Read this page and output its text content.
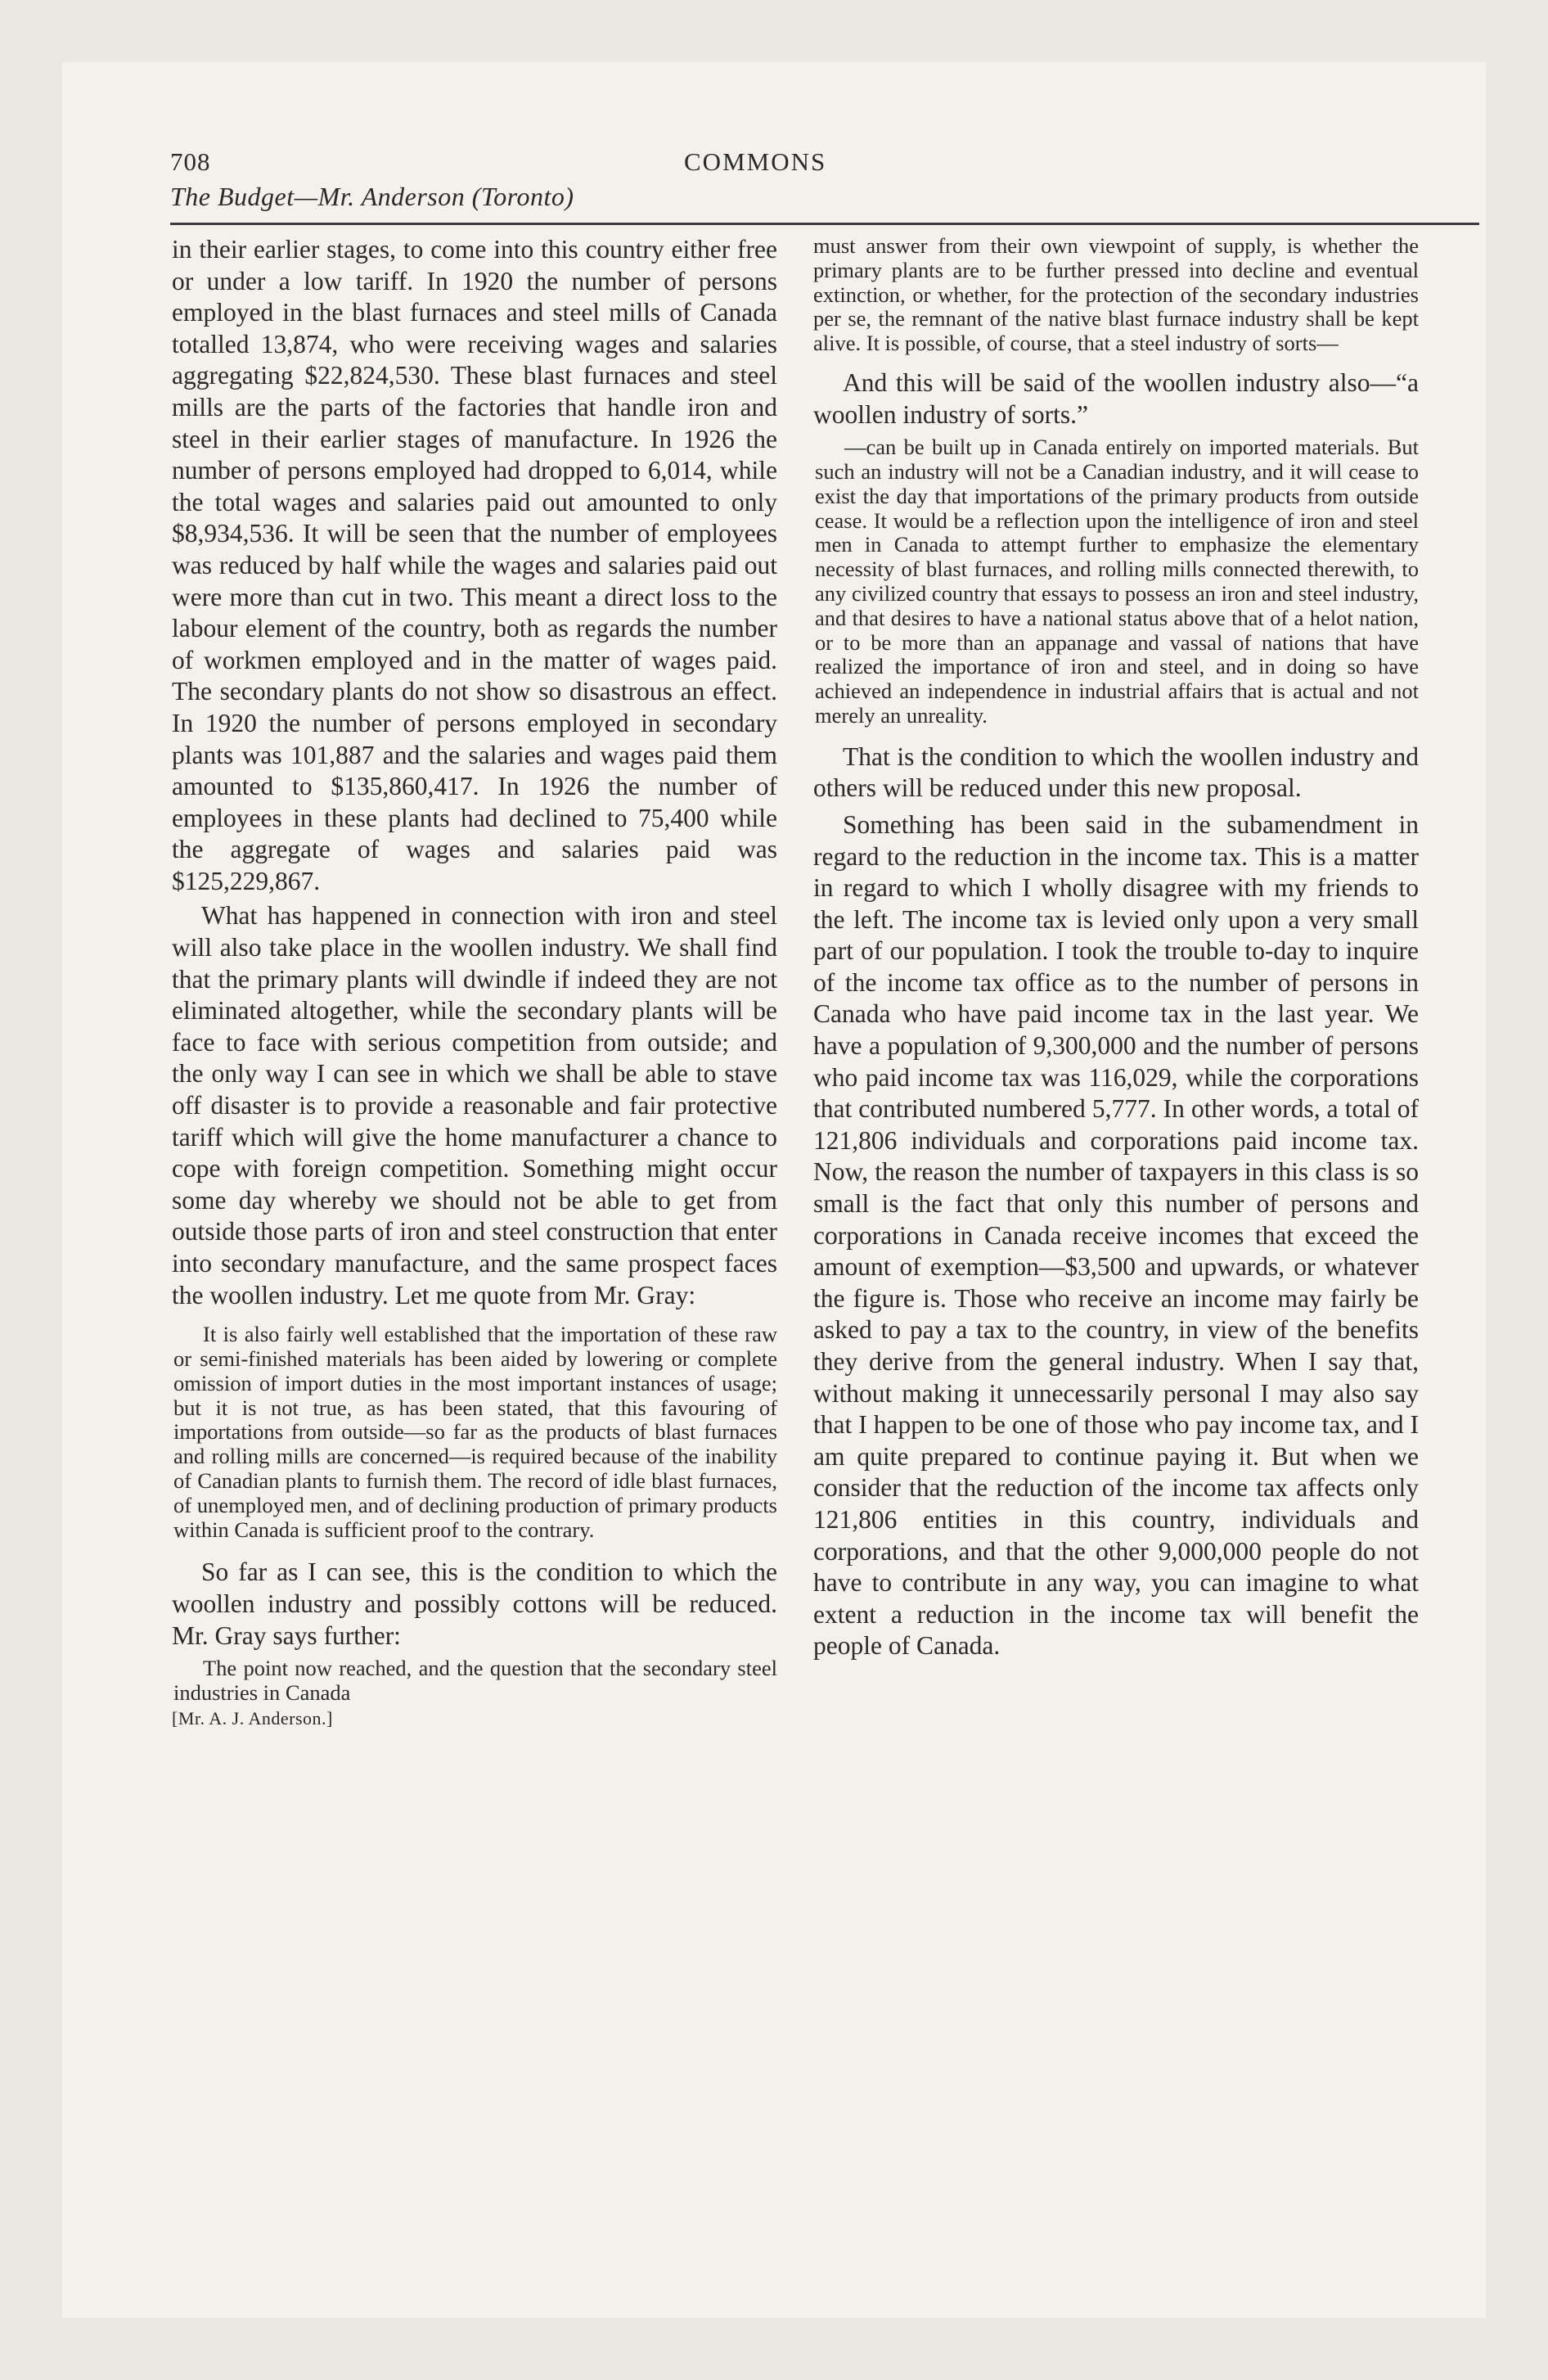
708	COMMONS
The Budget—Mr. Anderson (Toronto)

in their earlier stages, to come into this country either free or under a low tariff. In 1920 the number of persons employed in the blast furnaces and steel mills of Canada totalled 13,874, who were receiving wages and salaries aggregating $22,824,530. These blast furnaces and steel mills are the parts of the factories that handle iron and steel in their earlier stages of manufacture. In 1926 the number of persons employed had dropped to 6,014, while the total wages and salaries paid out amounted to only $8,934,536. It will be seen that the number of employees was reduced by half while the wages and salaries paid out were more than cut in two. This meant a direct loss to the labour element of the country, both as regards the number of workmen employed and in the matter of wages paid. The secondary plants do not show so disastrous an effect. In 1920 the number of persons employed in secondary plants was 101,887 and the salaries and wages paid them amounted to $135,860,417. In 1926 the number of employees in these plants had declined to 75,400 while the aggregate of wages and salaries paid was $125,229,867.

What has happened in connection with iron and steel will also take place in the woollen industry. We shall find that the primary plants will dwindle if indeed they are not eliminated altogether, while the secondary plants will be face to face with serious competition from outside; and the only way I can see in which we shall be able to stave off disaster is to provide a reasonable and fair protective tariff which will give the home manufacturer a chance to cope with foreign competition. Something might occur some day whereby we should not be able to get from outside those parts of iron and steel construction that enter into secondary manufacture, and the same prospect faces the woollen industry. Let me quote from Mr. Gray:

It is also fairly well established that the importation of these raw or semi-finished materials has been aided by lowering or complete omission of import duties in the most important instances of usage; but it is not true, as has been stated, that this favouring of importations from outside—so far as the products of blast furnaces and rolling mills are concerned—is required because of the inability of Canadian plants to furnish them. The record of idle blast furnaces, of unemployed men, and of declining production of primary products within Canada is sufficient proof to the contrary.

So far as I can see, this is the condition to which the woollen industry and possibly cottons will be reduced. Mr. Gray says further:

The point now reached, and the question that the secondary steel industries in Canada

[Mr. A. J. Anderson.]

must answer from their own viewpoint of supply, is whether the primary plants are to be further pressed into decline and eventual extinction, or whether, for the protection of the secondary industries per se, the remnant of the native blast furnace industry shall be kept alive. It is possible, of course, that a steel industry of sorts—

And this will be said of the woollen industry also—“a woollen industry of sorts.”

—can be built up in Canada entirely on imported materials. But such an industry will not be a Canadian industry, and it will cease to exist the day that importations of the primary products from outside cease. It would be a reflection upon the intelligence of iron and steel men in Canada to attempt further to emphasize the elementary necessity of blast furnaces, and rolling mills connected therewith, to any civilized country that essays to possess an iron and steel industry, and that desires to have a national status above that of a helot nation, or to be more than an appanage and vassal of nations that have realized the importance of iron and steel, and in doing so have achieved an independence in industrial affairs that is actual and not merely an unreality.

That is the condition to which the woollen industry and others will be reduced under this new proposal.

Something has been said in the subamendment in regard to the reduction in the income tax. This is a matter in regard to which I wholly disagree with my friends to the left. The income tax is levied only upon a very small part of our population. I took the trouble to-day to inquire of the income tax office as to the number of persons in Canada who have paid income tax in the last year. We have a population of 9,300,000 and the number of persons who paid income tax was 116,029, while the corporations that contributed numbered 5,777. In other words, a total of 121,806 individuals and corporations paid income tax. Now, the reason the number of taxpayers in this class is so small is the fact that only this number of persons and corporations in Canada receive incomes that exceed the amount of exemption—$3,500 and upwards, or whatever the figure is. Those who receive an income may fairly be asked to pay a tax to the country, in view of the benefits they derive from the general industry. When I say that, without making it unnecessarily personal I may also say that I happen to be one of those who pay income tax, and I am quite prepared to continue paying it. But when we consider that the reduction of the income tax affects only 121,806 entities in this country, individuals and corporations, and that the other 9,000,000 people do not have to contribute in any way, you can imagine to what extent a reduction in the income tax will benefit the people of Canada.
